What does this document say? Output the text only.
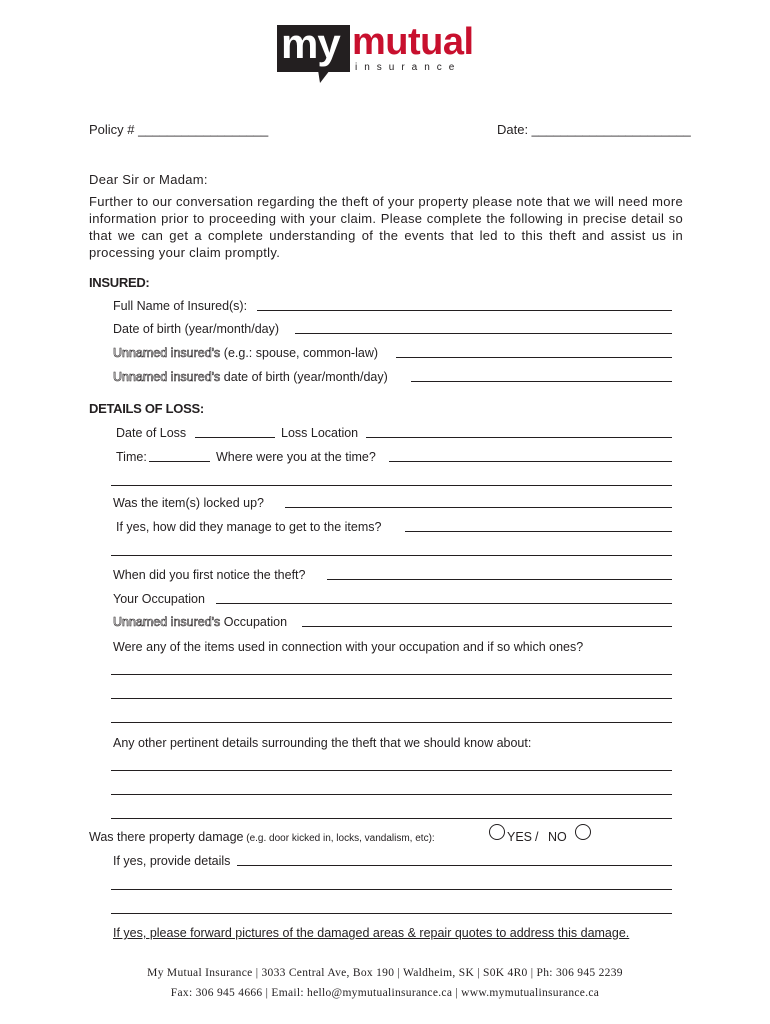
my mutual
insurance
Policy # __________________	Date: ______________________
Dear Sir or Madam:
Further to our conversation regarding the theft of your property please note that we will need more information prior to proceeding with your claim. Please complete the following in precise detail so that we can get a complete understanding of the events that led to this theft and assist us in processing your claim promptly.
INSURED:
Full Name of Insured(s):
Date of birth (year/month/day)
Unnamed insured's (e.g.: spouse, common-law)
Unnamed insured's date of birth (year/month/day)
DETAILS OF LOSS:
Date of Loss	Loss Location
Time:	Where were you at the time?
Was the item(s) locked up?
If yes, how did they manage to get to the items?
When did you first notice the theft?
Your Occupation
Unnamed insured's Occupation
Were any of the items used in connection with your occupation and if so which ones?
Any other pertinent details surrounding the theft that we should know about:
Was there property damage (e.g. door kicked in, locks, vandalism, etc):	YES / NO
If yes, provide details
If yes, please forward pictures of the damaged areas & repair quotes to address this damage.
My Mutual Insurance | 3033 Central Ave, Box 190 | Waldheim, SK | S0K 4R0 | Ph: 306 945 2239
Fax: 306 945 4666 | Email: hello@mymutualinsurance.ca | www.mymutualinsurance.ca
